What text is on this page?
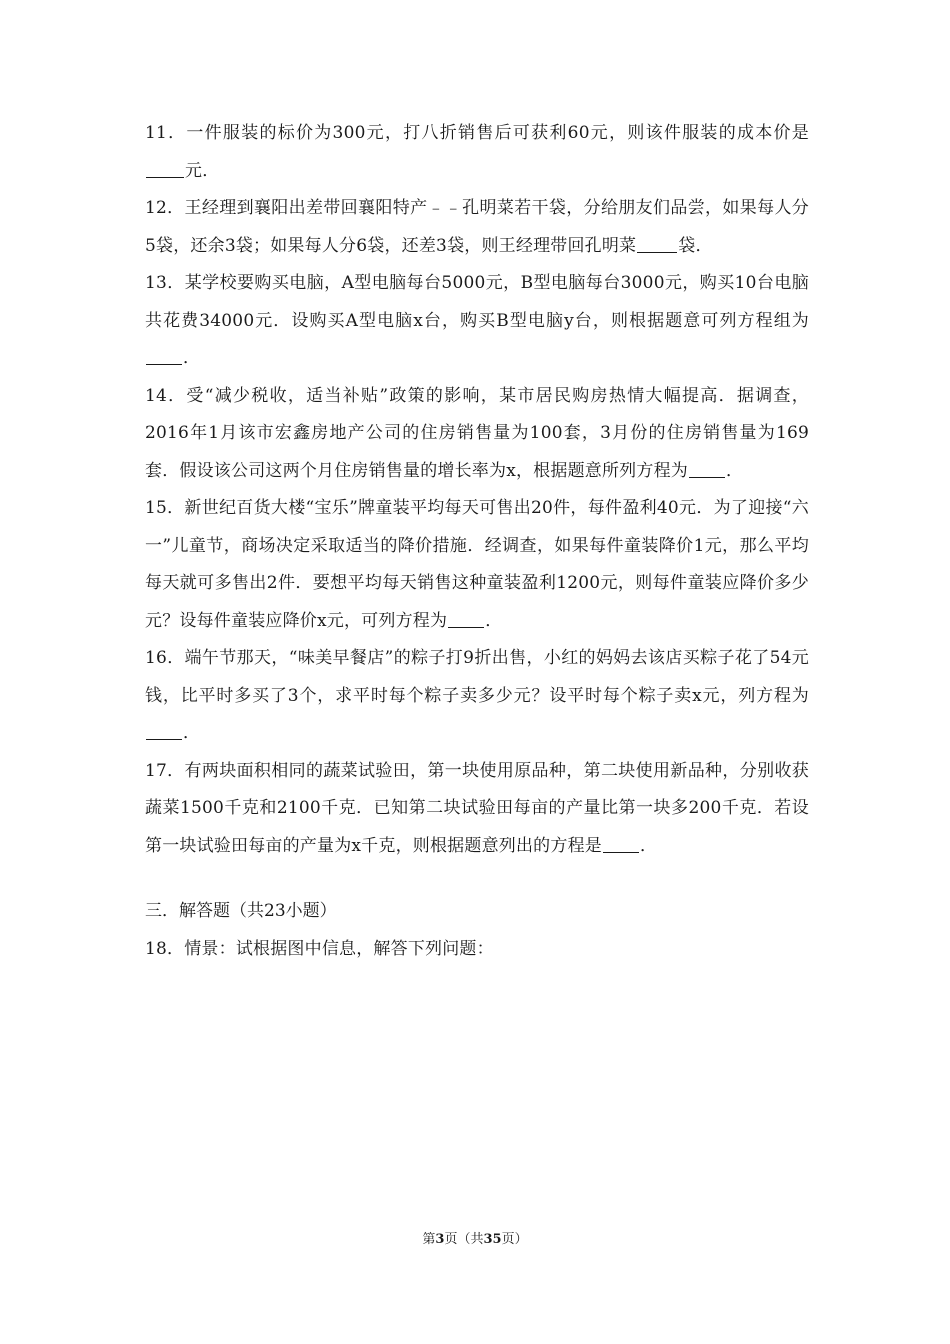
11．一件服装的标价为300元，打八折销售后可获利60元，则该件服装的成本价是元．
12．王经理到襄阳出差带回襄阳特产﹣﹣孔明菜若干袋，分给朋友们品尝，如果每人分5袋，还余3袋；如果每人分6袋，还差3袋，则王经理带回孔明菜 袋．
13．某学校要购买电脑，A型电脑每台5000元，B型电脑每台3000元，购买10台电脑共花费34000元．设购买A型电脑x台，购买B型电脑y台，则根据题意可列方程组为．
14．受“减少税收，适当补贴”政策的影响，某市居民购房热情大幅提高．据调查，2016年1月该市宏鑫房地产公司的住房销售量为100套，3月份的住房销售量为169套．假设该公司这两个月住房销售量的增长率为x，根据题意所列方程为 ．
15．新世纪百货大楼“宝乐”牌童装平均每天可售出20件，每件盈利40元．为了迎接“六一”儿童节，商场决定采取适当的降价措施．经调查，如果每件童装降价1元，那么平均每天就可多售出2件．要想平均每天销售这种童装盈利1200元，则每件童装应降价多少元？设每件童装应降价x元，可列方程为 ．
16．端午节那天，“味美早餐店”的粽子打9折出售，小红的妈妈去该店买粽子花了54元钱，比平时多买了3个，求平时每个粽子卖多少元？设平时每个粽子卖x元，列方程为．
17．有两块面积相同的蔬菜试验田，第一块使用原品种，第二块使用新品种，分别收获蔬菜1500千克和2100千克．已知第二块试验田每亩的产量比第一块多200千克．若设第一块试验田每亩的产量为x千克，则根据题意列出的方程是 ．
三．解答题（共23小题）
18．情景：试根据图中信息，解答下列问题：
第3页（共35页）
